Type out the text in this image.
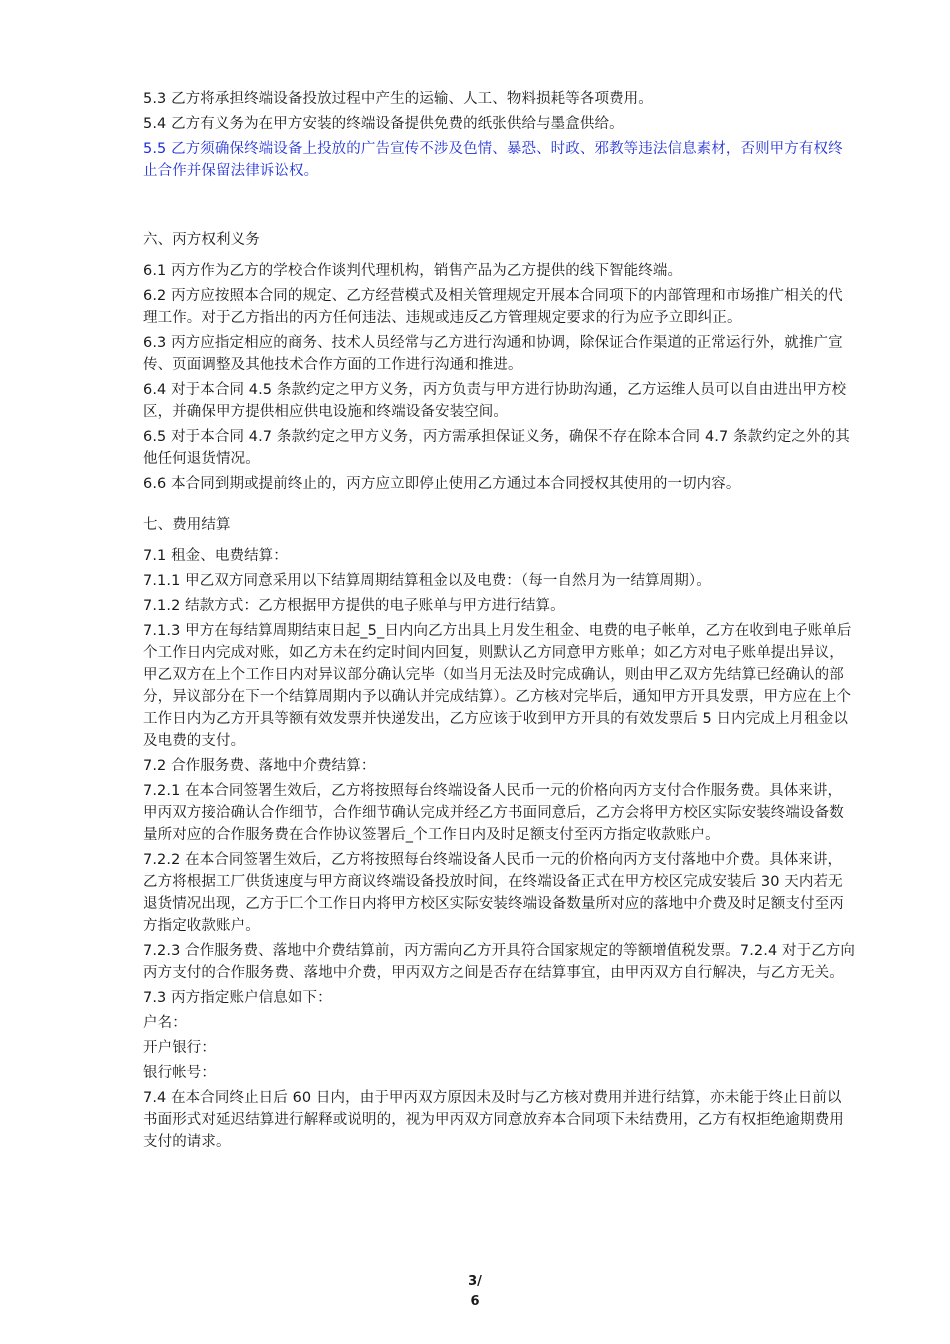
5.3 乙方将承担终端设备投放过程中产生的运输、人工、物料损耗等各项费用。

5.4 乙方有义务为在甲方安装的终端设备提供免费的纸张供给与墨盒供给。

5.5 乙方须确保终端设备上投放的广告宣传不涉及色情、暴恐、时政、邪教等违法信息素材，否则甲方有权终止合作并保留法律诉讼权。

六、丙方权利义务

6.1 丙方作为乙方的学校合作谈判代理机构，销售产品为乙方提供的线下智能终端。

6.2 丙方应按照本合同的规定、乙方经营模式及相关管理规定开展本合同项下的内部管理和市场推广相关的代理工作。对于乙方指出的丙方任何违法、违规或违反乙方管理规定要求的行为应予立即纠正。

6.3 丙方应指定相应的商务、技术人员经常与乙方进行沟通和协调，除保证合作渠道的正常运行外，就推广宣传、页面调整及其他技术合作方面的工作进行沟通和推进。

6.4 对于本合同 4.5 条款约定之甲方义务，丙方负责与甲方进行协助沟通，乙方运维人员可以自由进出甲方校区，并确保甲方提供相应供电设施和终端设备安装空间。

6.5 对于本合同 4.7 条款约定之甲方义务，丙方需承担保证义务，确保不存在除本合同 4.7 条款约定之外的其他任何退货情况。

6.6 本合同到期或提前终止的，丙方应立即停止使用乙方通过本合同授权其使用的一切内容。

七、费用结算

7.1 租金、电费结算：

7.1.1 甲乙双方同意采用以下结算周期结算租金以及电费：（每一自然月为一结算周期）。

7.1.2 结款方式：乙方根据甲方提供的电子账单与甲方进行结算。

7.1.3 甲方在每结算周期结束日起_5_日内向乙方出具上月发生租金、电费的电子帐单，乙方在收到电子账单后个工作日内完成对账，如乙方未在约定时间内回复，则默认乙方同意甲方账单；如乙方对电子账单提出异议，甲乙双方在上个工作日内对异议部分确认完毕（如当月无法及时完成确认，则由甲乙双方先结算已经确认的部分，异议部分在下一个结算周期内予以确认并完成结算）。乙方核对完毕后，通知甲方开具发票，甲方应在上个工作日内为乙方开具等额有效发票并快递发出，乙方应该于收到甲方开具的有效发票后 5 日内完成上月租金以及电费的支付。

7.2 合作服务费、落地中介费结算：

7.2.1 在本合同签署生效后，乙方将按照每台终端设备人民币一元的价格向丙方支付合作服务费。具体来讲，甲丙双方接洽确认合作细节，合作细节确认完成并经乙方书面同意后，乙方会将甲方校区实际安装终端设备数量所对应的合作服务费在合作协议签署后_个工作日内及时足额支付至丙方指定收款账户。

7.2.2 在本合同签署生效后，乙方将按照每台终端设备人民币一元的价格向丙方支付落地中介费。具体来讲，乙方将根据工厂供货速度与甲方商议终端设备投放时间，在终端设备正式在甲方校区完成安装后 30 天内若无退货情况出现，乙方于匚个工作日内将甲方校区实际安装终端设备数量所对应的落地中介费及时足额支付至丙方指定收款账户。

7.2.3 合作服务费、落地中介费结算前，丙方需向乙方开具符合国家规定的等额增值税发票。7.2.4 对于乙方向丙方支付的合作服务费、落地中介费，甲丙双方之间是否存在结算事宜，由甲丙双方自行解决，与乙方无关。

7.3 丙方指定账户信息如下：

户名：

开户银行：

银行帐号：

7.4 在本合同终止日后 60 日内，由于甲丙双方原因未及时与乙方核对费用并进行结算，亦未能于终止日前以书面形式对延迟结算进行解释或说明的，视为甲丙双方同意放弃本合同项下未结费用，乙方有权拒绝逾期费用支付的请求。

3/
6
